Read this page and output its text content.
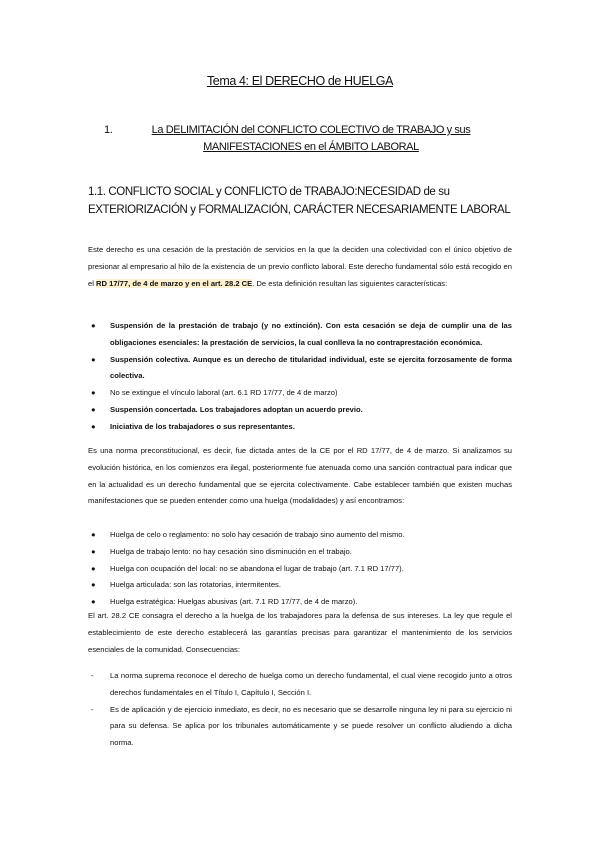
Tema 4: El DERECHO de HUELGA
1.	La DELIMITACIÓN del CONFLICTO COLECTIVO de TRABAJO y sus MANIFESTACIONES en el ÁMBITO LABORAL
1.1. CONFLICTO SOCIAL y CONFLICTO de TRABAJO:NECESIDAD de su EXTERIORIZACIÓN y FORMALIZACIÓN, CARÁCTER NECESARIAMENTE LABORAL
Este derecho es una cesación de la prestación de servicios en la que la deciden una colectividad con el único objetivo de presionar al empresario al hilo de la existencia de un previo conflicto laboral. Este derecho fundamental sólo está recogido en el RD 17/77, de 4 de marzo y en el art. 28.2 CE. De esta definición resultan las siguientes características:
● Suspensión de la prestación de trabajo (y no extinción). Con esta cesación se deja de cumplir una de las obligaciones esenciales: la prestación de servicios, la cual conlleva la no contraprestación económica.
● Suspensión colectiva. Aunque es un derecho de titularidad individual, este se ejercita forzosamente de forma colectiva.
● No se extingue el vínculo laboral (art. 6.1 RD 17/77, de 4 de marzo)
● Suspensión concertada. Los trabajadores adoptan un acuerdo previo.
● Iniciativa de los trabajadores o sus representantes.
Es una norma preconstitucional, es decir, fue dictada antes de la CE por el RD 17/77, de 4 de marzo. Si analizamos su evolución histórica, en los comienzos era ilegal, posteriormente fue atenuada como una sanción contractual para indicar que en la actualidad es un derecho fundamental que se ejercita colectivamente. Cabe establecer también que existen muchas manifestaciones que se pueden entender como una huelga (modalidades) y así encontramos:
● Huelga de celo o reglamento: no solo hay cesación de trabajo sino aumento del mismo.
● Huelga de trabajo lento: no hay cesación sino disminución en el trabajo.
● Huelga con ocupación del local: no se abandona el lugar de trabajo (art. 7.1 RD 17/77).
● Huelga articulada: son las rotatorias, intermitentes.
● Huelga estratégica: Huelgas abusivas (art. 7.1 RD 17/77, de 4 de marzo).
El art. 28.2 CE consagra el derecho a la huelga de los trabajadores para la defensa de sus intereses. La ley que regule el establecimiento de este derecho establecerá las garantías precisas para garantizar el mantenimiento de los servicios esenciales de la comunidad. Consecuencias:
- La norma suprema reconoce el derecho de huelga como un derecho fundamental, el cual viene recogido junto a otros derechos fundamentales en el Título I, Capítulo I, Sección I.
- Es de aplicación y de ejercicio inmediato, es decir, no es necesario que se desarrolle ninguna ley ni para su ejercicio ni para su defensa. Se aplica por los tribunales automáticamente y se puede resolver un conflicto aludiendo a dicha norma.
